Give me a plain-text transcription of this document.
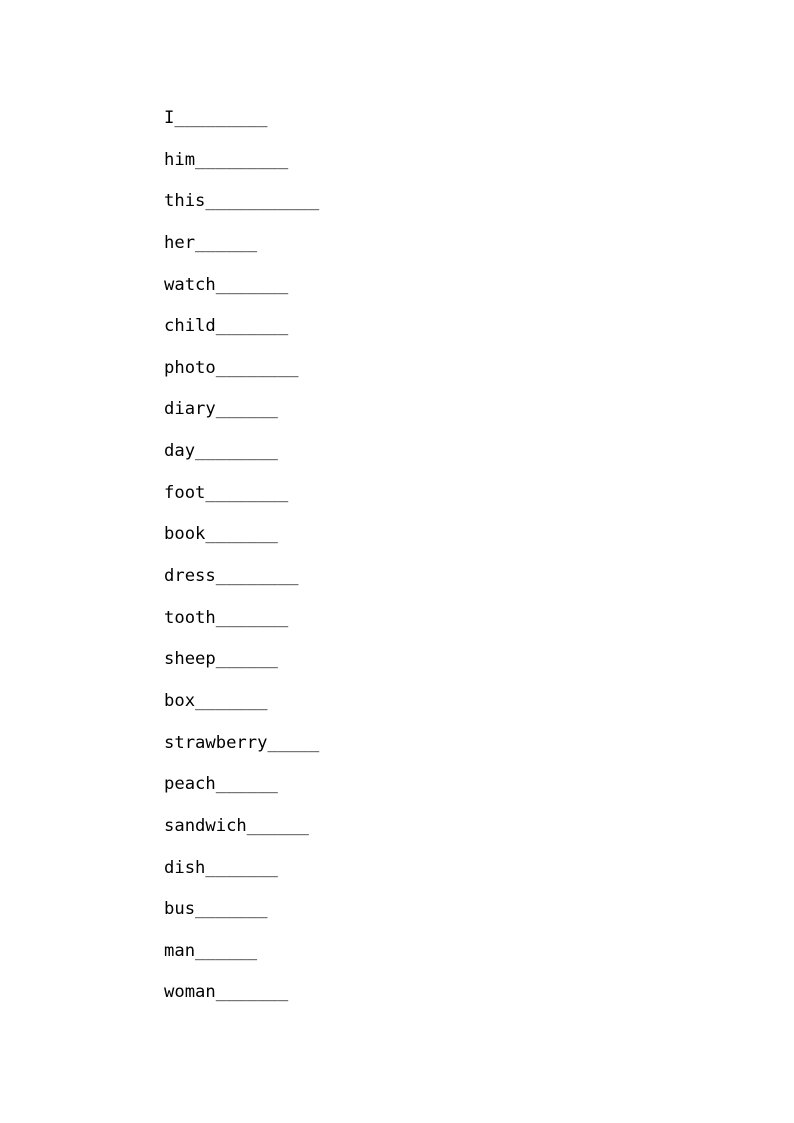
I_________
him_________
this___________
her______
watch_______
child_______
photo________
diary______
day________
foot________
book_______
dress________
tooth_______
sheep______
box_______
strawberry_____
peach______
sandwich______
dish_______
bus_______
man______
woman_______
